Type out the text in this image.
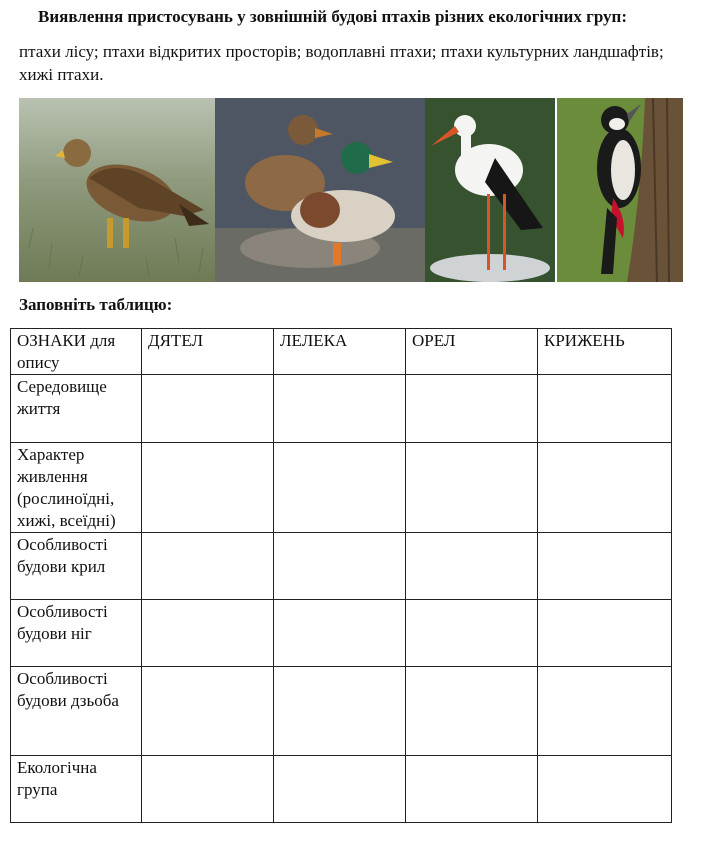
Виявлення пристосувань у зовнішній будові птахів різних екологічних груп:
птахи лісу; птахи відкритих просторів; водоплавні птахи; птахи культурних ландшафтів; хижі птахи.
Заповніть таблицю:
ОЗНАКИ для опису	ДЯТЕЛ	ЛЕЛЕКА	ОРЕЛ	КРИЖЕНЬ
Середовище життя				
Характер живлення (рослиноїдні, хижі, всеїдні)				
Особливості будови крил				
Особливості будови ніг				
Особливості будови дзьоба				
Екологічна група				
